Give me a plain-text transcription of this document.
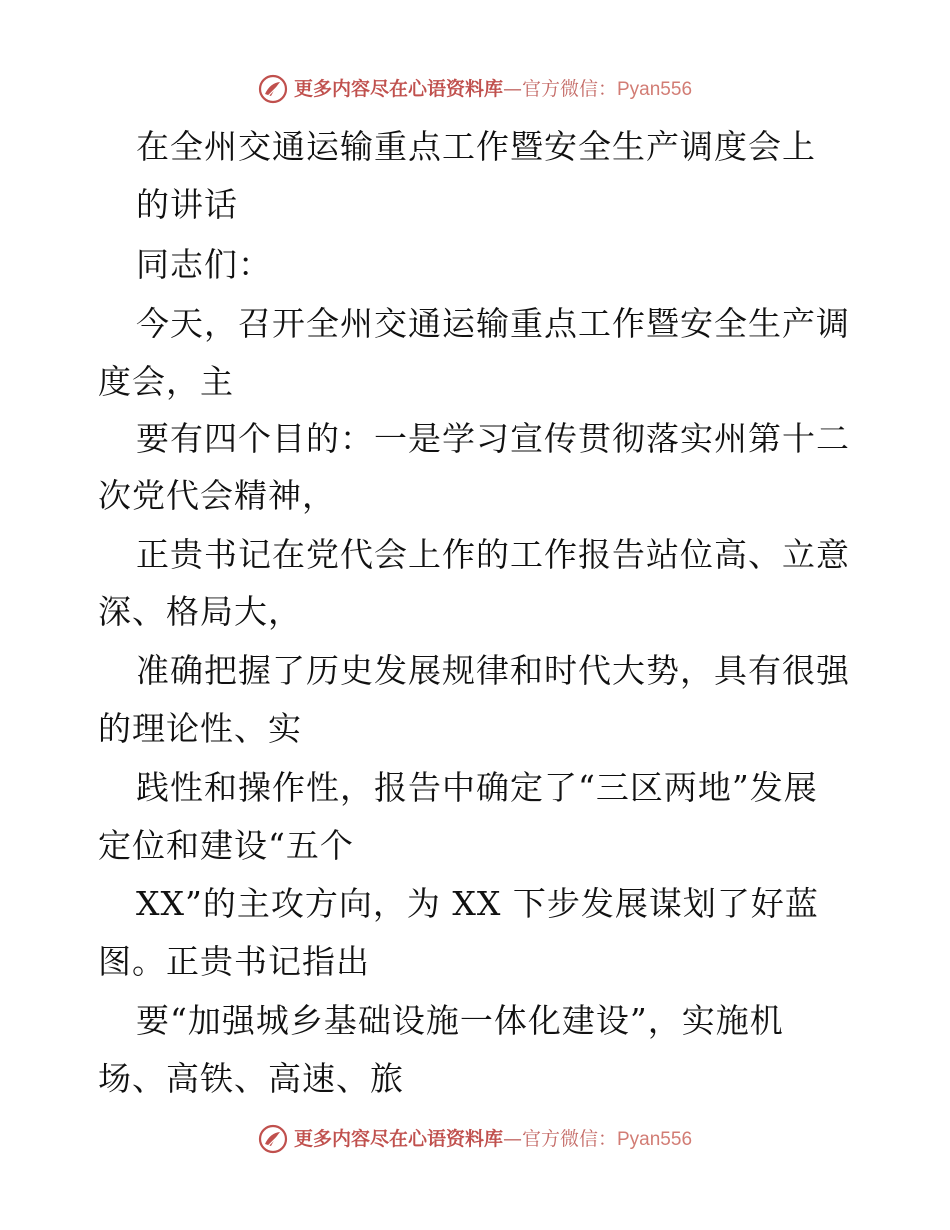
更多内容尽在心语资料库—官方微信：Pyan556
在全州交通运输重点工作暨安全生产调度会上
的讲话
同志们：
今天，召开全州交通运输重点工作暨安全生产调
度会，主
要有四个目的：一是学习宣传贯彻落实州第十二
次党代会精神，
正贵书记在党代会上作的工作报告站位高、立意
深、格局大，
准确把握了历史发展规律和时代大势，具有很强
的理论性、实
践性和操作性，报告中确定了“三区两地”发展
定位和建设“五个
XX”的主攻方向，为 XX 下步发展谋划了好蓝
图。正贵书记指出
要“加强城乡基础设施一体化建设”，实施机
场、高铁、高速、旅
更多内容尽在心语资料库—官方微信：Pyan556
